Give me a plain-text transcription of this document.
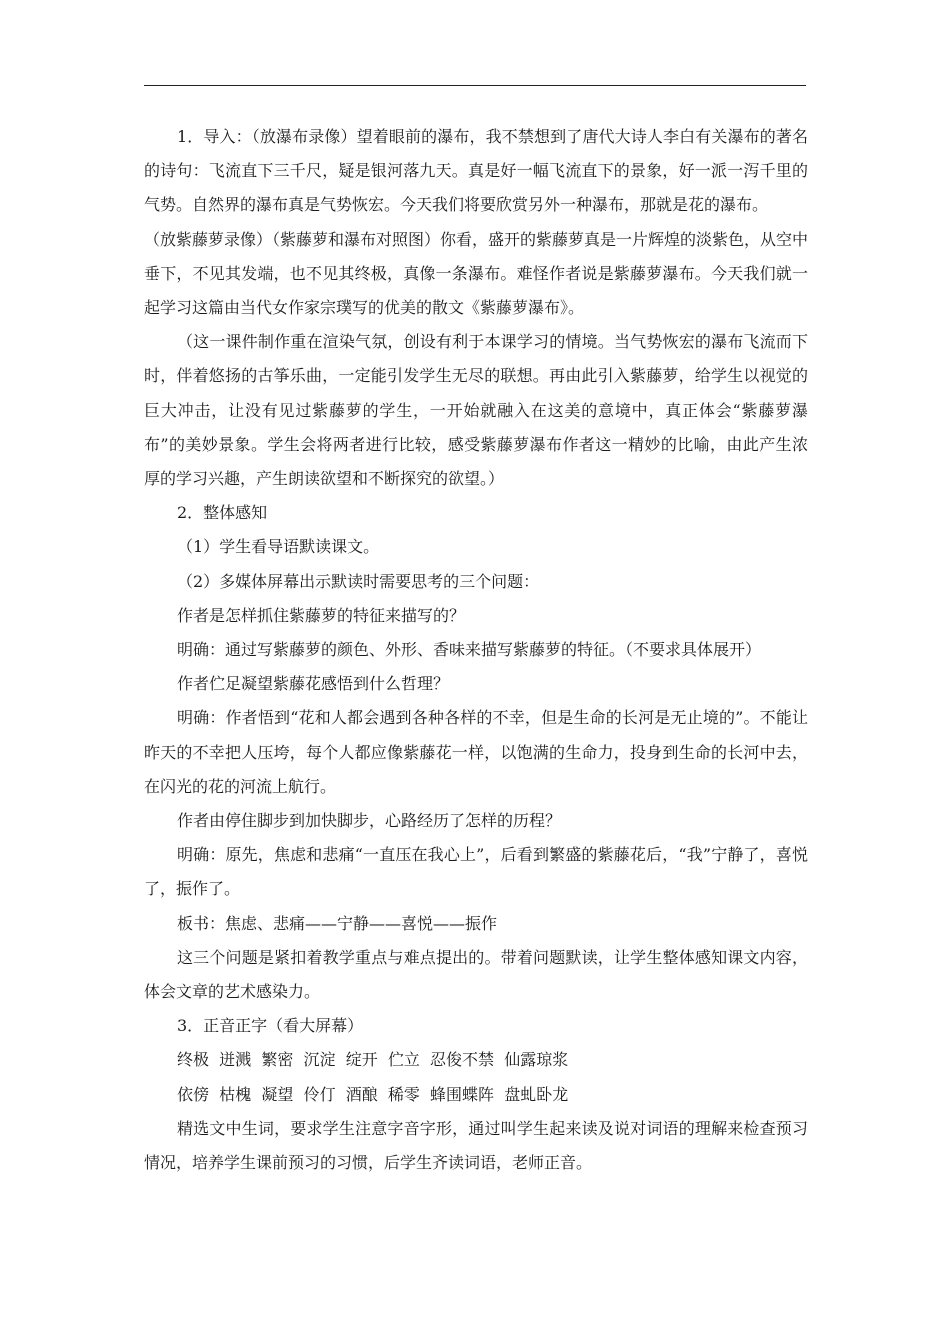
1．导入：（放瀑布录像）望着眼前的瀑布，我不禁想到了唐代大诗人李白有关瀑布的著名的诗句：飞流直下三千尺，疑是银河落九天。真是好一幅飞流直下的景象，好一派一泻千里的气势。自然界的瀑布真是气势恢宏。今天我们将要欣赏另外一种瀑布，那就是花的瀑布。

（放紫藤萝录像）（紫藤萝和瀑布对照图）你看，盛开的紫藤萝真是一片辉煌的淡紫色，从空中垂下，不见其发端，也不见其终极，真像一条瀑布。难怪作者说是紫藤萝瀑布。今天我们就一起学习这篇由当代女作家宗璞写的优美的散文《紫藤萝瀑布》。

（这一课件制作重在渲染气氛，创设有利于本课学习的情境。当气势恢宏的瀑布飞流而下时，伴着悠扬的古筝乐曲，一定能引发学生无尽的联想。再由此引入紫藤萝，给学生以视觉的巨大冲击，让没有见过紫藤萝的学生，一开始就融入在这美的意境中，真正体会“紫藤萝瀑布”的美妙景象。学生会将两者进行比较，感受紫藤萝瀑布作者这一精妙的比喻，由此产生浓厚的学习兴趣，产生朗读欲望和不断探究的欲望。）

2．整体感知

（1）学生看导语默读课文。

（2）多媒体屏幕出示默读时需要思考的三个问题：

作者是怎样抓住紫藤萝的特征来描写的？

明确：通过写紫藤萝的颜色、外形、香味来描写紫藤萝的特征。（不要求具体展开）

作者伫足凝望紫藤花感悟到什么哲理？

明确：作者悟到“花和人都会遇到各种各样的不幸，但是生命的长河是无止境的”。不能让昨天的不幸把人压垮，每个人都应像紫藤花一样，以饱满的生命力，投身到生命的长河中去，在闪光的花的河流上航行。

作者由停住脚步到加快脚步，心路经历了怎样的历程？

明确：原先，焦虑和悲痛“一直压在我心上”，后看到繁盛的紫藤花后，“我”宁静了，喜悦了，振作了。

板书：焦虑、悲痛——宁静——喜悦——振作

这三个问题是紧扣着教学重点与难点提出的。带着问题默读，让学生整体感知课文内容，体会文章的艺术感染力。

3．正音正字（看大屏幕）

终极  迸溅  繁密  沉淀  绽开  伫立  忍俊不禁  仙露琼浆

依傍  枯槐  凝望  伶仃  酒酿  稀零  蜂围蝶阵  盘虬卧龙

精选文中生词，要求学生注意字音字形，通过叫学生起来读及说对词语的理解来检查预习情况，培养学生课前预习的习惯，后学生齐读词语，老师正音。
